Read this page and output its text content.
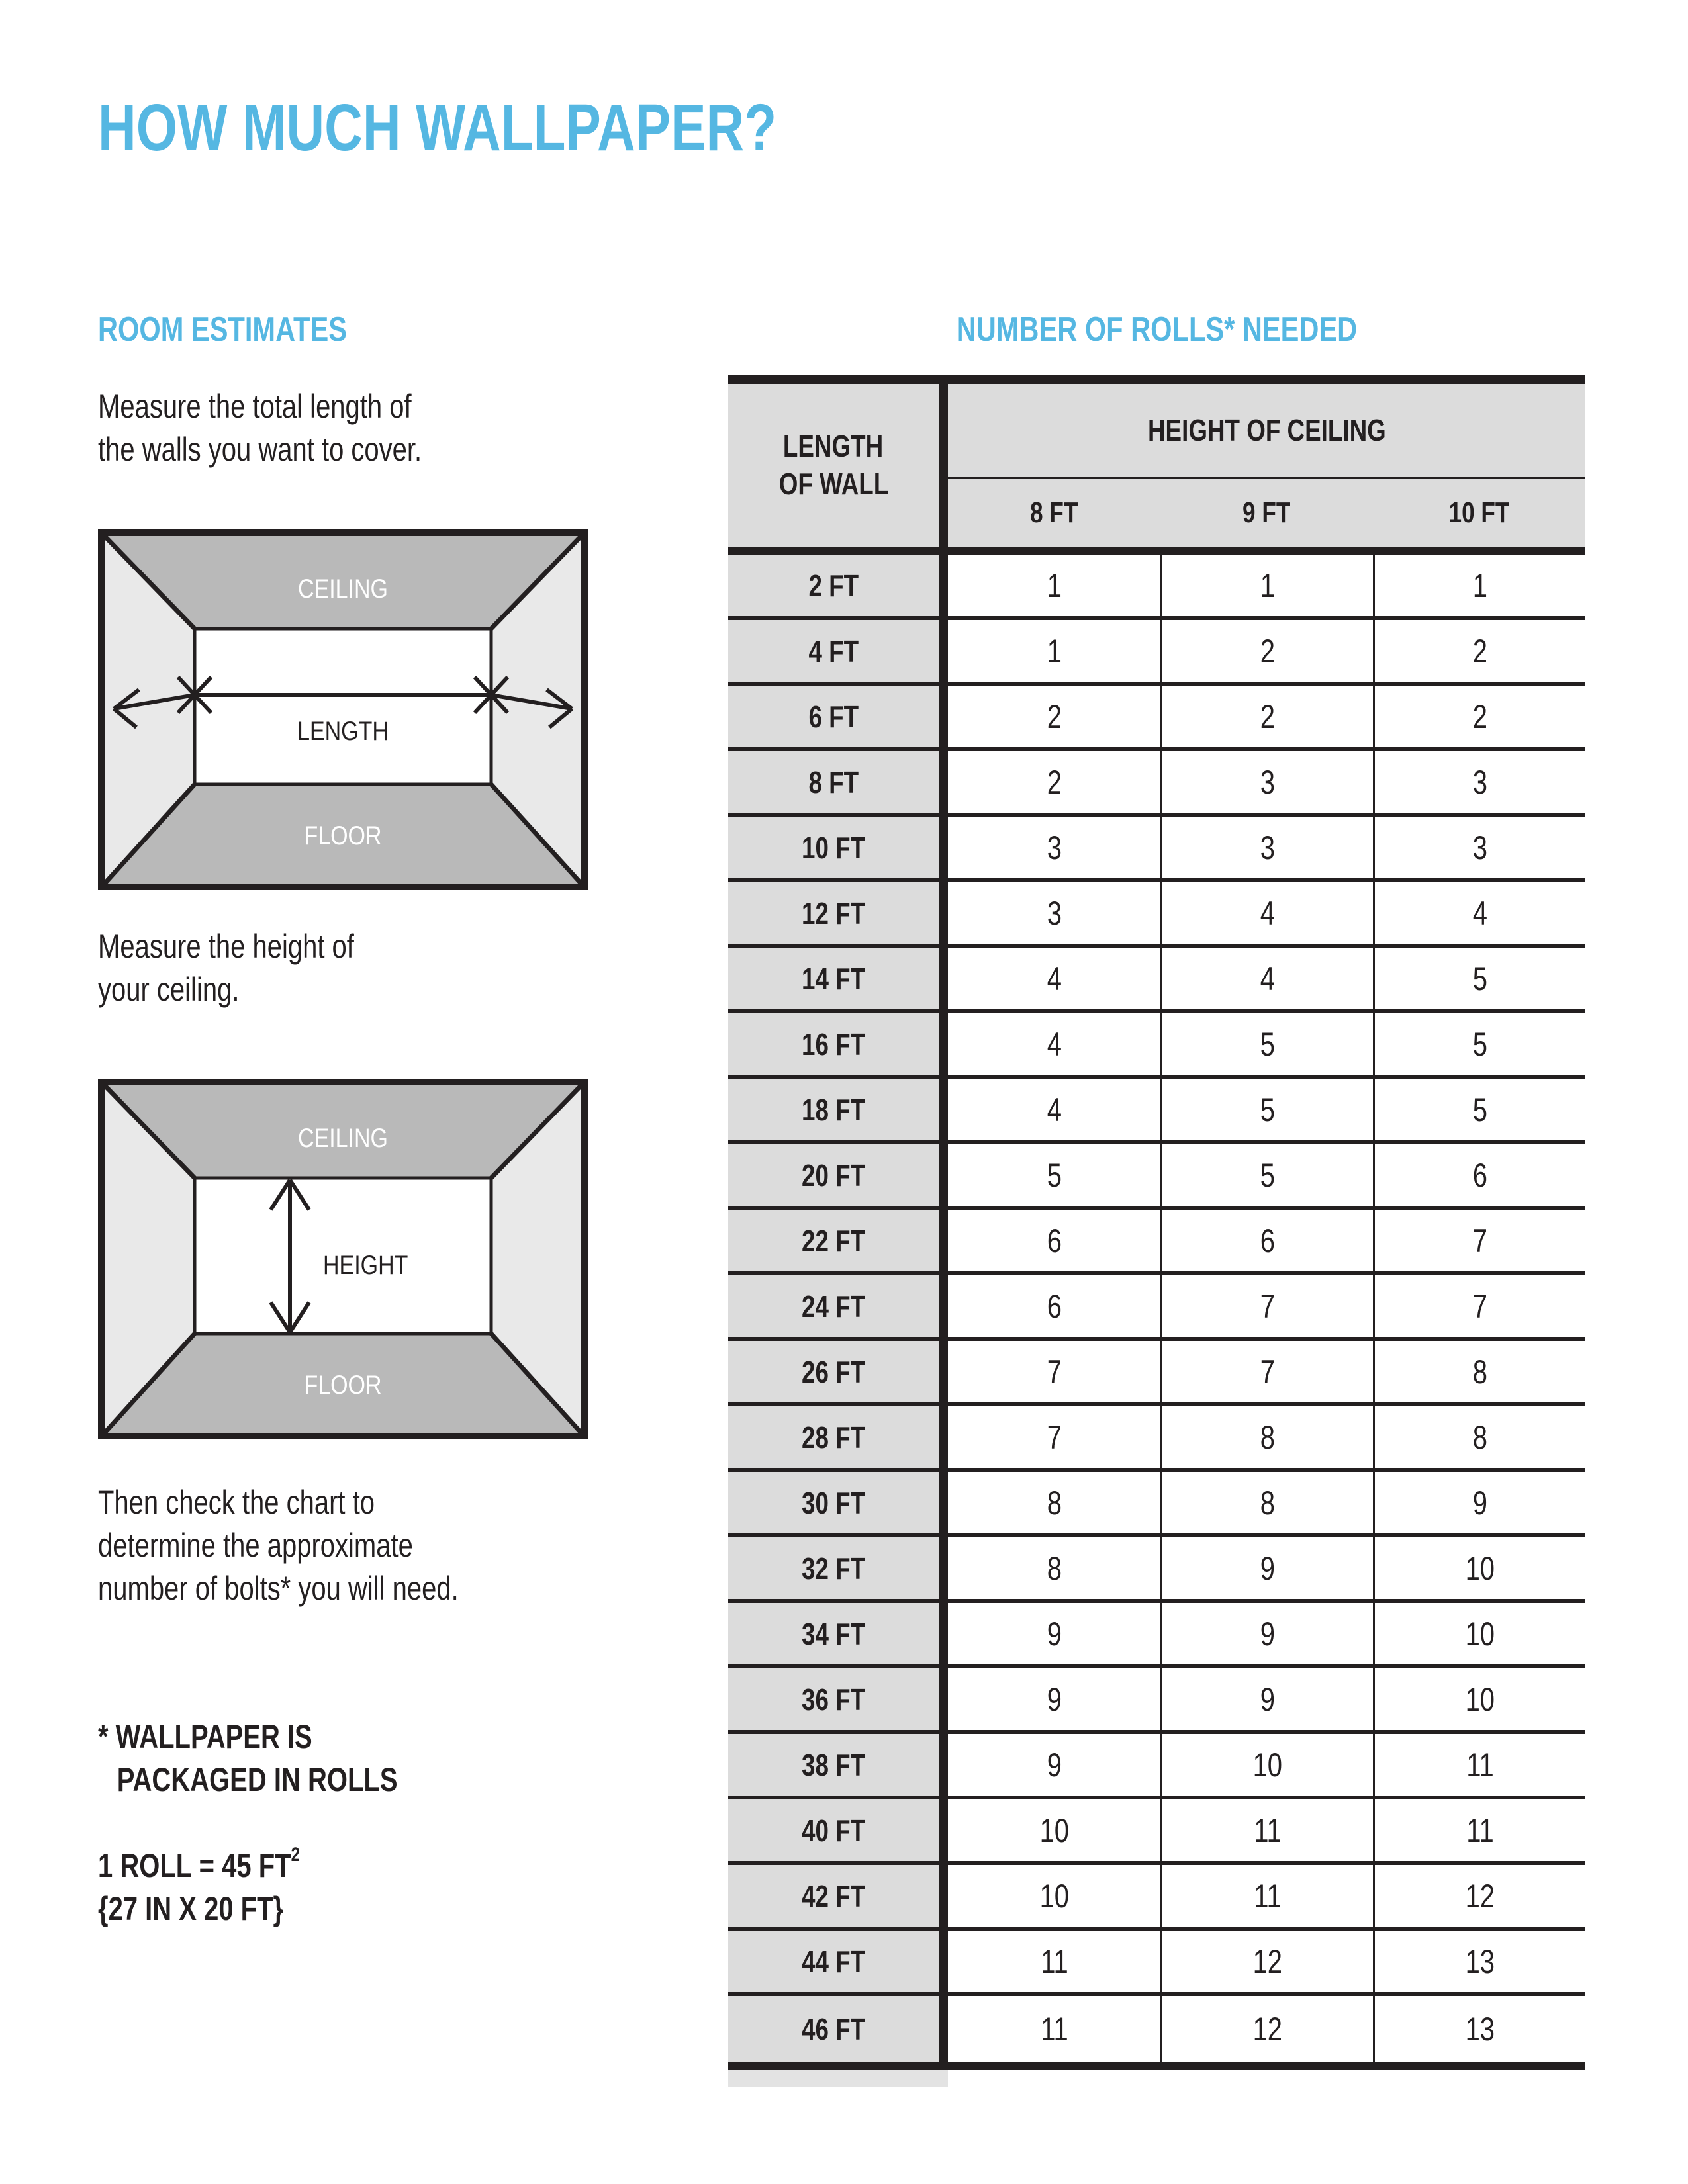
HOW MUCH WALLPAPER?
ROOM ESTIMATES
Measure the total length of
the walls you want to cover.
CEILING
FLOOR
LENGTH
Measure the height of
your ceiling.
CEILING
FLOOR
HEIGHT
Then check the chart to
determine the approximate
number of bolts* you will need.
* WALLPAPER IS
PACKAGED IN ROLLS
1 ROLL = 45 $FT^2$
{27 IN X 20 FT}
NUMBER OF ROLLS* NEEDED
LENGTH
OF WALL
HEIGHT OF CEILING
8 FT	9 FT	10 FT
2 FT	1	1	1
4 FT	1	2	2
6 FT	2	2	2
8 FT	2	3	3
10 FT	3	3	3
12 FT	3	4	4
14 FT	4	4	5
16 FT	4	5	5
18 FT	4	5	5
20 FT	5	5	6
22 FT	6	6	7
24 FT	6	7	7
26 FT	7	7	8
28 FT	7	8	8
30 FT	8	8	9
32 FT	8	9	10
34 FT	9	9	10
36 FT	9	9	10
38 FT	9	10	11
40 FT	10	11	11
42 FT	10	11	12
44 FT	11	12	13
46 FT	11	12	13
